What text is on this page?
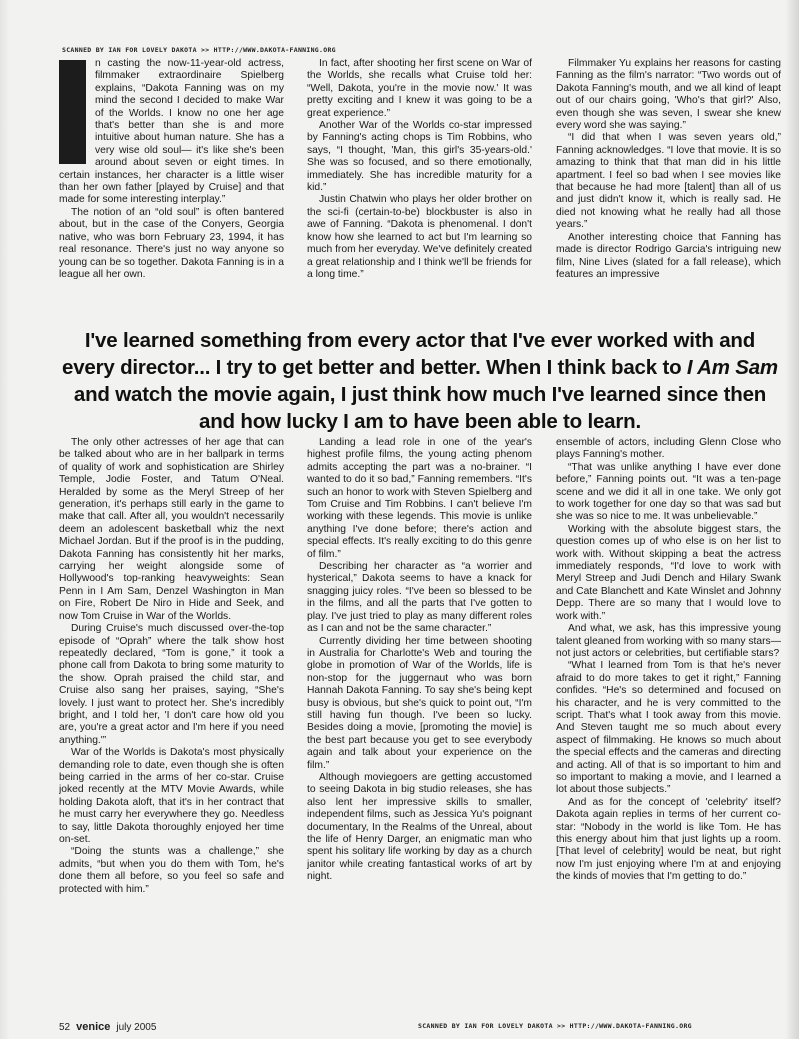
SCANNED BY IAN FOR LOVELY DAKOTA >> HTTP://WWW.DAKOTA-FANNING.ORG

n casting the now-11-year-old actress, filmmaker extraordinaire Spielberg explains, “Dakota Fanning was on my mind the second I decided to make War of the Worlds. I know no one her age that's better than she is and more intuitive about human nature. She has a very wise old soul— it's like she's been around about seven or eight times. In certain instances, her character is a little wiser than her own father [played by Cruise] and that made for some interesting interplay.”

The notion of an “old soul” is often bantered about, but in the case of the Conyers, Georgia native, who was born February 23, 1994, it has real resonance. There's just no way anyone so young can be so together. Dakota Fanning is in a league all her own.

In fact, after shooting her first scene on War of the Worlds, she recalls what Cruise told her: “Well, Dakota, you're in the movie now.' It was pretty exciting and I knew it was going to be a great experience.”

Another War of the Worlds co-star impressed by Fanning's acting chops is Tim Robbins, who says, “I thought, 'Man, this girl's 35-years-old.' She was so focused, and so there emotionally, immediately. She has incredible maturity for a kid.”

Justin Chatwin who plays her older brother on the sci-fi (certain-to-be) blockbuster is also in awe of Fanning. “Dakota is phenomenal. I don't know how she learned to act but I'm learning so much from her everyday. We've definitely created a great relationship and I think we'll be friends for a long time.”

Filmmaker Yu explains her reasons for casting Fanning as the film's narrator: “Two words out of Dakota Fanning's mouth, and we all kind of leapt out of our chairs going, 'Who's that girl?' Also, even though she was seven, I swear she knew every word she was saying.”

“I did that when I was seven years old,” Fanning acknowledges. “I love that movie. It is so amazing to think that that man did in his little apartment. I feel so bad when I see movies like that because he had more [talent] than all of us and just didn't know it, which is really sad. He died not knowing what he really had all those years.”

Another interesting choice that Fanning has made is director Rodrigo Garcia's intriguing new film, Nine Lives (slated for a fall release), which features an impressive

I've learned something from every actor that I've ever worked with and every director... I try to get better and better. When I think back to I Am Sam and watch the movie again, I just think how much I've learned since then and how lucky I am to have been able to learn.

The only other actresses of her age that can be talked about who are in her ballpark in terms of quality of work and sophistication are Shirley Temple, Jodie Foster, and Tatum O'Neal. Heralded by some as the Meryl Streep of her generation, it's perhaps still early in the game to make that call. After all, you wouldn't necessarily deem an adolescent basketball whiz the next Michael Jordan. But if the proof is in the pudding, Dakota Fanning has consistently hit her marks, carrying her weight alongside some of Hollywood's top-ranking heavyweights: Sean Penn in I Am Sam, Denzel Washington in Man on Fire, Robert De Niro in Hide and Seek, and now Tom Cruise in War of the Worlds.

During Cruise's much discussed over-the-top episode of “Oprah” where the talk show host repeatedly declared, “Tom is gone,” it took a phone call from Dakota to bring some maturity to the show. Oprah praised the child star, and Cruise also sang her praises, saying, “She's lovely. I just want to protect her. She's incredibly bright, and I told her, 'I don't care how old you are, you're a great actor and I'm here if you need anything.'”

War of the Worlds is Dakota's most physically demanding role to date, even though she is often being carried in the arms of her co-star. Cruise joked recently at the MTV Movie Awards, while holding Dakota aloft, that it's in her contract that he must carry her everywhere they go. Needless to say, little Dakota thoroughly enjoyed her time on-set.

“Doing the stunts was a challenge,” she admits, “but when you do them with Tom, he's done them all before, so you feel so safe and protected with him.”

Landing a lead role in one of the year's highest profile films, the young acting phenom admits accepting the part was a no-brainer. “I wanted to do it so bad,” Fanning remembers. “It's such an honor to work with Steven Spielberg and Tom Cruise and Tim Robbins. I can't believe I'm working with these legends. This movie is unlike anything I've done before; there's action and special effects. It's really exciting to do this genre of film.”

Describing her character as “a worrier and hysterical,” Dakota seems to have a knack for snagging juicy roles. “I've been so blessed to be in the films, and all the parts that I've gotten to play. I've just tried to play as many different roles as I can and not be the same character.”

Currently dividing her time between shooting in Australia for Charlotte's Web and touring the globe in promotion of War of the Worlds, life is non-stop for the juggernaut who was born Hannah Dakota Fanning. To say she's being kept busy is obvious, but she's quick to point out, “I'm still having fun though. I've been so lucky. Besides doing a movie, [promoting the movie] is the best part because you get to see everybody again and talk about your experience on the film.”

Although moviegoers are getting accustomed to seeing Dakota in big studio releases, she has also lent her impressive skills to smaller, independent films, such as Jessica Yu's poignant documentary, In the Realms of the Unreal, about the life of Henry Darger, an enigmatic man who spent his solitary life working by day as a church janitor while creating fantastical works of art by night.

ensemble of actors, including Glenn Close who plays Fanning's mother.

“That was unlike anything I have ever done before,” Fanning points out. “It was a ten-page scene and we did it all in one take. We only got to work together for one day so that was sad but she was so nice to me. It was unbelievable.”

Working with the absolute biggest stars, the question comes up of who else is on her list to work with. Without skipping a beat the actress immediately responds, “I'd love to work with Meryl Streep and Judi Dench and Hilary Swank and Cate Blanchett and Kate Winslet and Johnny Depp. There are so many that I would love to work with.”

And what, we ask, has this impressive young talent gleaned from working with so many stars— not just actors or celebrities, but certifiable stars?

“What I learned from Tom is that he's never afraid to do more takes to get it right,” Fanning confides. “He's so determined and focused on his character, and he is very committed to the script. That's what I took away from this movie. And Steven taught me so much about every aspect of filmmaking. He knows so much about the special effects and the cameras and directing and acting. All of that is so important to him and so important to making a movie, and I learned a lot about those subjects.”

And as for the concept of 'celebrity' itself? Dakota again replies in terms of her current co-star: “Nobody in the world is like Tom. He has this energy about him that just lights up a room. [That level of celebrity] would be neat, but right now I'm just enjoying where I'm at and enjoying the kinds of movies that I'm getting to do.”

52 venice july 2005	SCANNED BY IAN FOR LOVELY DAKOTA >> HTTP://WWW.DAKOTA-FANNING.ORG
